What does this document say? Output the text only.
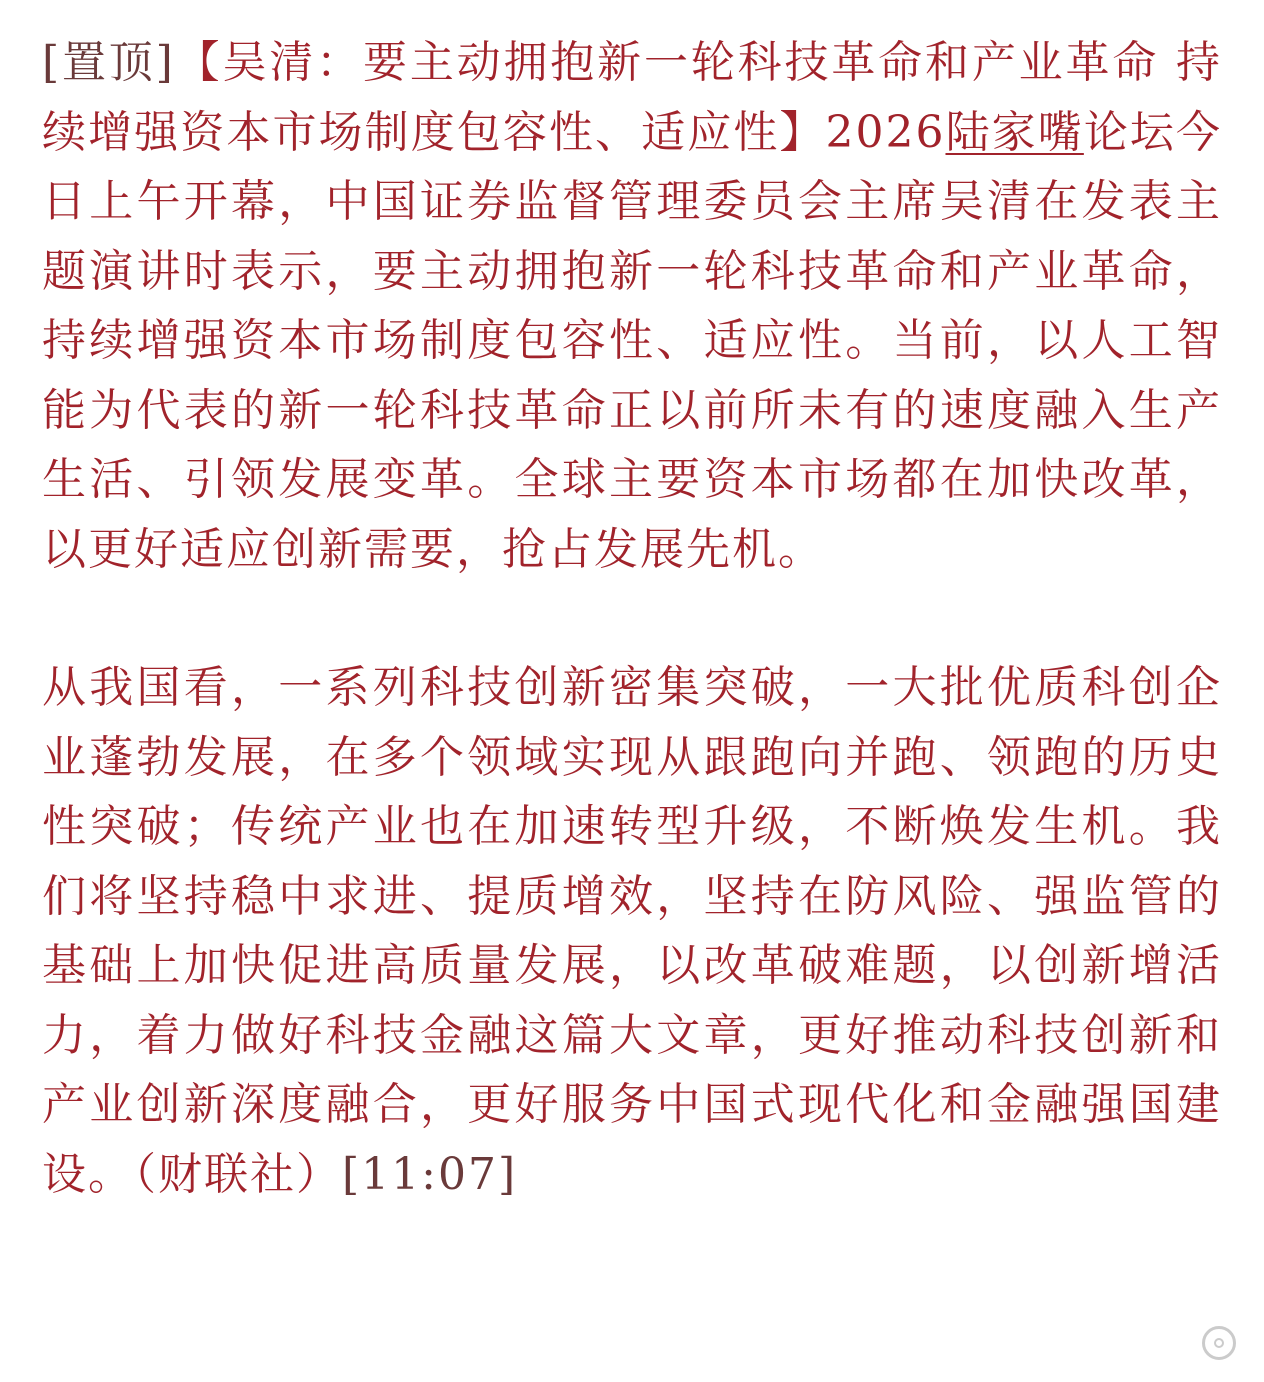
[置顶]【吴清：要主动拥抱新一轮科技革命和产业革命 持续增强资本市场制度包容性、适应性】2026陆家嘴论坛今日上午开幕，中国证券监督管理委员会主席吴清在发表主题演讲时表示，要主动拥抱新一轮科技革命和产业革命，持续增强资本市场制度包容性、适应性。当前，以人工智能为代表的新一轮科技革命正以前所未有的速度融入生产生活、引领发展变革。全球主要资本市场都在加快改革，以更好适应创新需要，抢占发展先机。

从我国看，一系列科技创新密集突破，一大批优质科创企业蓬勃发展，在多个领域实现从跟跑向并跑、领跑的历史性突破；传统产业也在加速转型升级，不断焕发生机。我们将坚持稳中求进、提质增效，坚持在防风险、强监管的基础上加快促进高质量发展，以改革破难题，以创新增活力，着力做好科技金融这篇大文章，更好推动科技创新和产业创新深度融合，更好服务中国式现代化和金融强国建设。（财联社）[11:07]
